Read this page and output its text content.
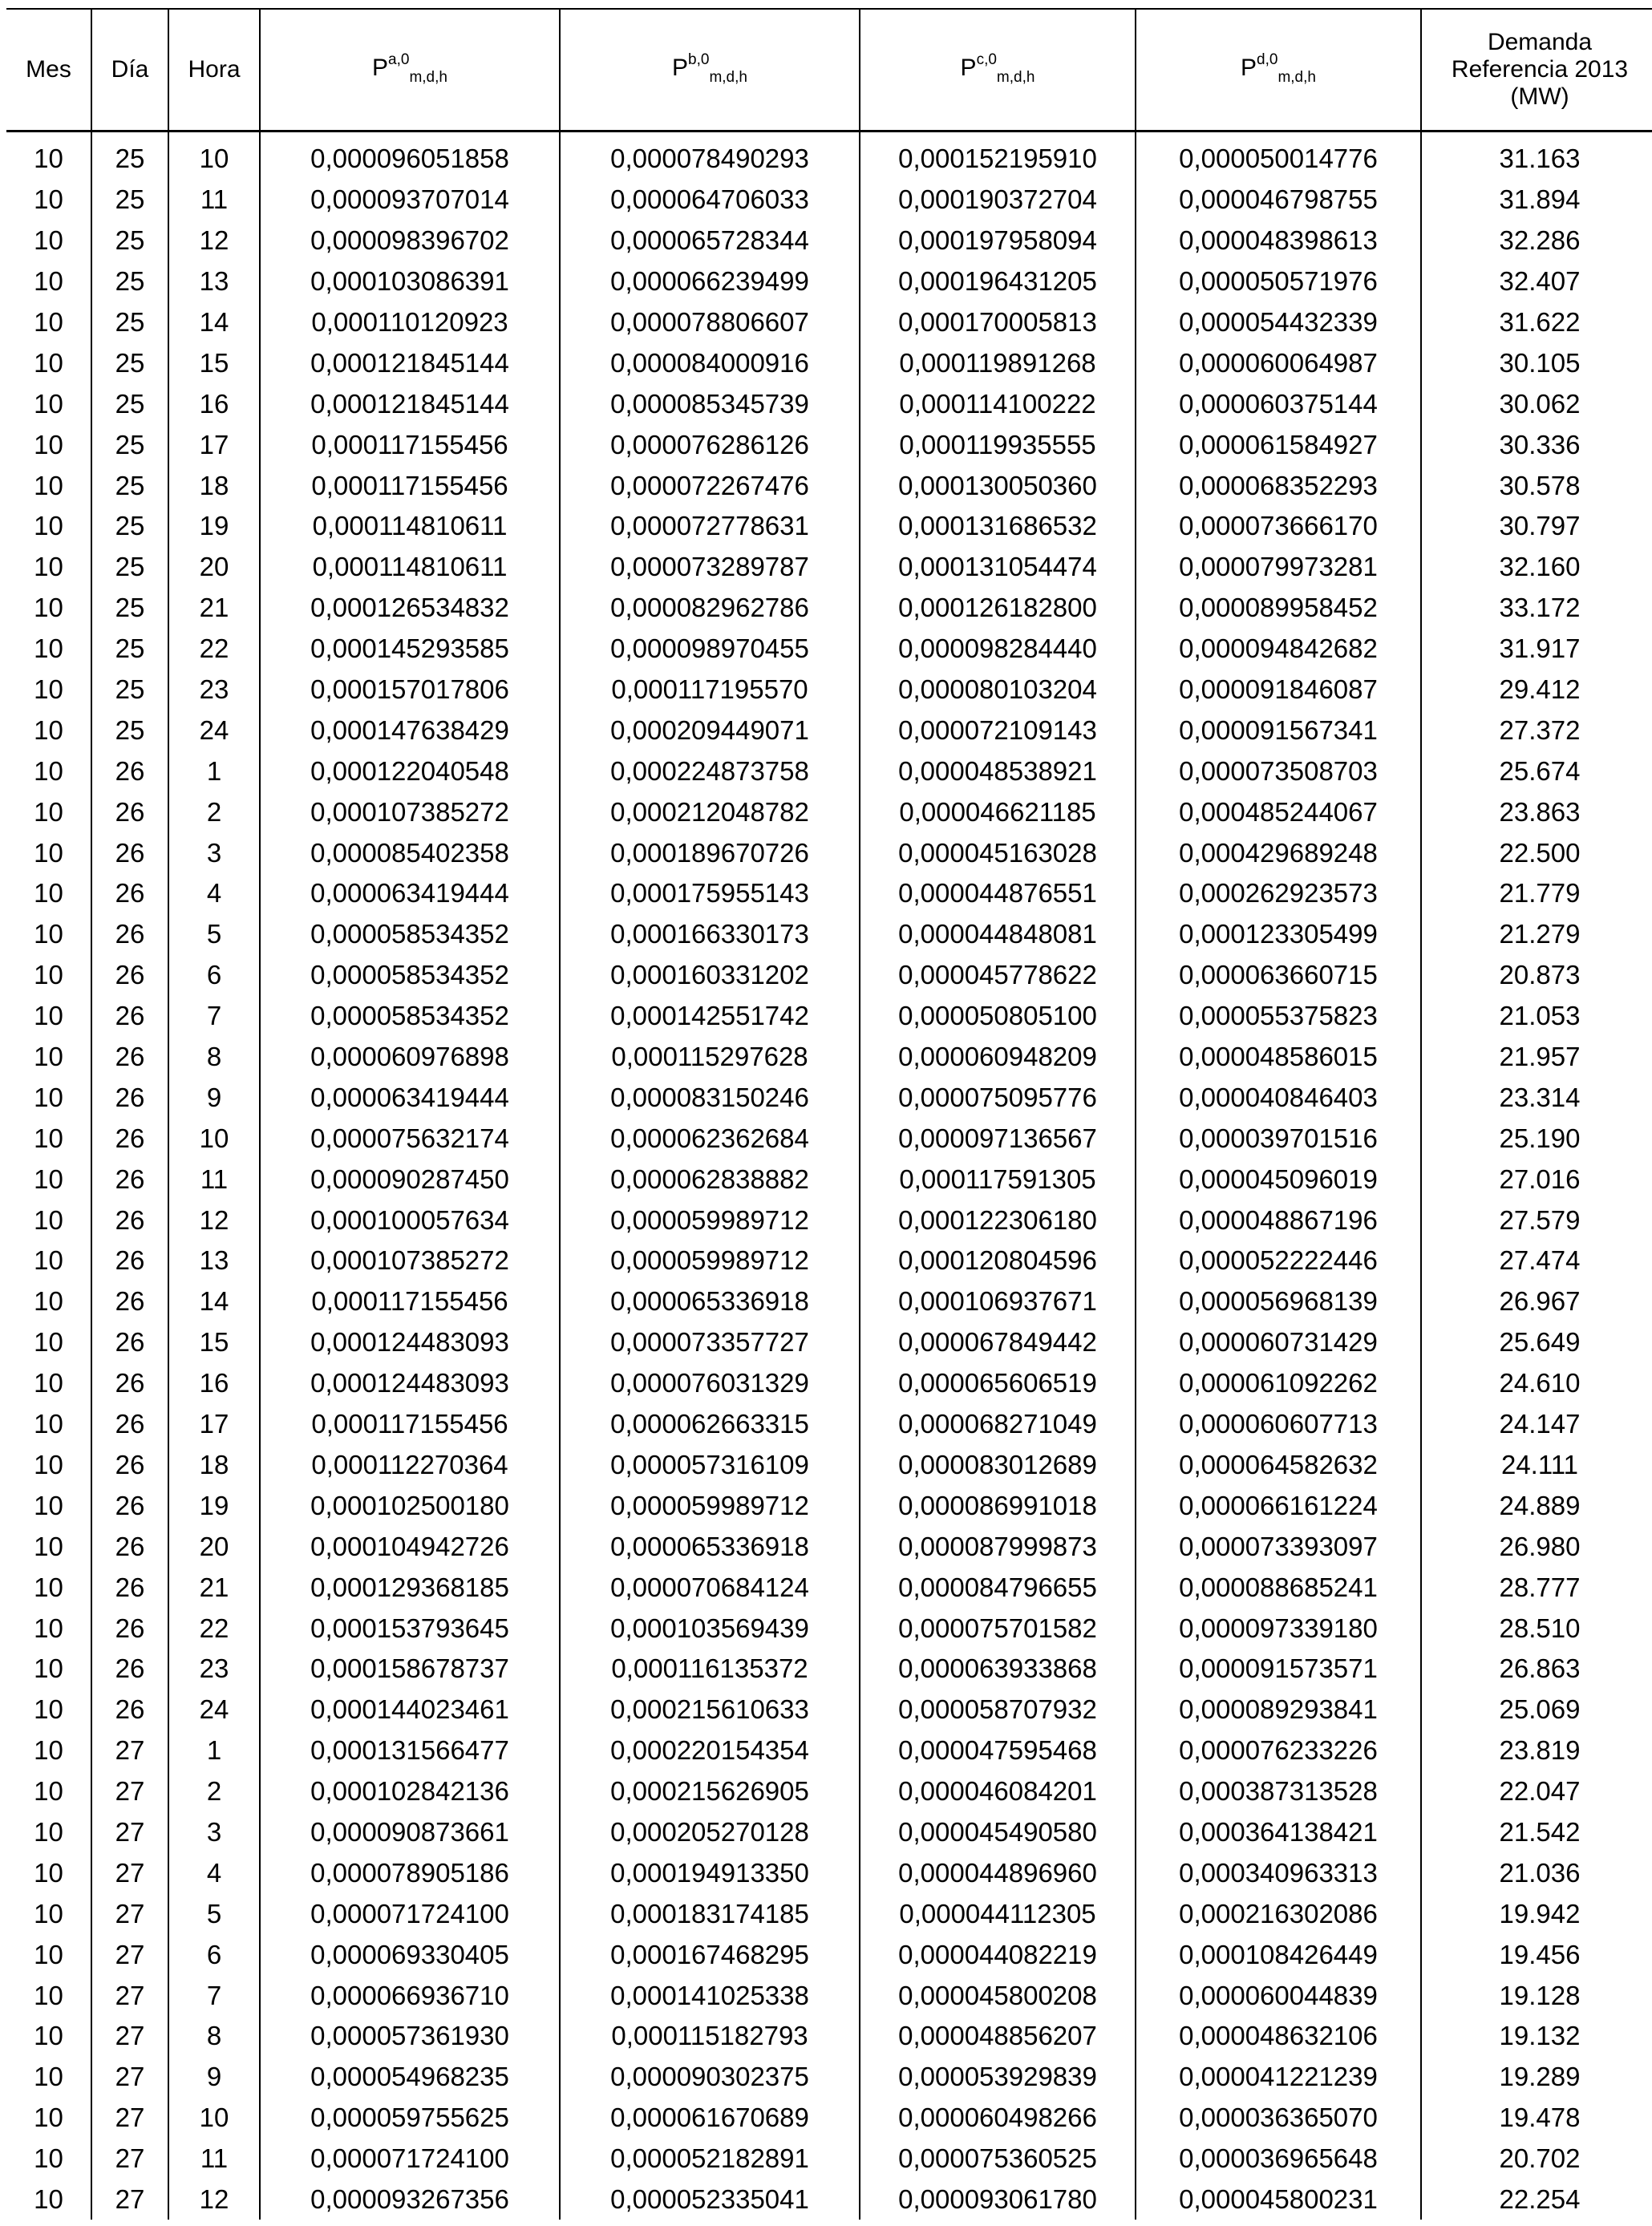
Mes	Día	Hora	P$^{a,0}_{m,d,h}$	P$^{b,0}_{m,d,h}$	P$^{c,0}_{m,d,h}$	P$^{d,0}_{m,d,h}$	Demanda
Referencia 2013
(MW)
10	25	10	0,000096051858	0,000078490293	0,000152195910	0,000050014776	31.163
10	25	11	0,000093707014	0,000064706033	0,000190372704	0,000046798755	31.894
10	25	12	0,000098396702	0,000065728344	0,000197958094	0,000048398613	32.286
10	25	13	0,000103086391	0,000066239499	0,000196431205	0,000050571976	32.407
10	25	14	0,000110120923	0,000078806607	0,000170005813	0,000054432339	31.622
10	25	15	0,000121845144	0,000084000916	0,000119891268	0,000060064987	30.105
10	25	16	0,000121845144	0,000085345739	0,000114100222	0,000060375144	30.062
10	25	17	0,000117155456	0,000076286126	0,000119935555	0,000061584927	30.336
10	25	18	0,000117155456	0,000072267476	0,000130050360	0,000068352293	30.578
10	25	19	0,000114810611	0,000072778631	0,000131686532	0,000073666170	30.797
10	25	20	0,000114810611	0,000073289787	0,000131054474	0,000079973281	32.160
10	25	21	0,000126534832	0,000082962786	0,000126182800	0,000089958452	33.172
10	25	22	0,000145293585	0,000098970455	0,000098284440	0,000094842682	31.917
10	25	23	0,000157017806	0,000117195570	0,000080103204	0,000091846087	29.412
10	25	24	0,000147638429	0,000209449071	0,000072109143	0,000091567341	27.372
10	26	1	0,000122040548	0,000224873758	0,000048538921	0,000073508703	25.674
10	26	2	0,000107385272	0,000212048782	0,000046621185	0,000485244067	23.863
10	26	3	0,000085402358	0,000189670726	0,000045163028	0,000429689248	22.500
10	26	4	0,000063419444	0,000175955143	0,000044876551	0,000262923573	21.779
10	26	5	0,000058534352	0,000166330173	0,000044848081	0,000123305499	21.279
10	26	6	0,000058534352	0,000160331202	0,000045778622	0,000063660715	20.873
10	26	7	0,000058534352	0,000142551742	0,000050805100	0,000055375823	21.053
10	26	8	0,000060976898	0,000115297628	0,000060948209	0,000048586015	21.957
10	26	9	0,000063419444	0,000083150246	0,000075095776	0,000040846403	23.314
10	26	10	0,000075632174	0,000062362684	0,000097136567	0,000039701516	25.190
10	26	11	0,000090287450	0,000062838882	0,000117591305	0,000045096019	27.016
10	26	12	0,000100057634	0,000059989712	0,000122306180	0,000048867196	27.579
10	26	13	0,000107385272	0,000059989712	0,000120804596	0,000052222446	27.474
10	26	14	0,000117155456	0,000065336918	0,000106937671	0,000056968139	26.967
10	26	15	0,000124483093	0,000073357727	0,000067849442	0,000060731429	25.649
10	26	16	0,000124483093	0,000076031329	0,000065606519	0,000061092262	24.610
10	26	17	0,000117155456	0,000062663315	0,000068271049	0,000060607713	24.147
10	26	18	0,000112270364	0,000057316109	0,000083012689	0,000064582632	24.111
10	26	19	0,000102500180	0,000059989712	0,000086991018	0,000066161224	24.889
10	26	20	0,000104942726	0,000065336918	0,000087999873	0,000073393097	26.980
10	26	21	0,000129368185	0,000070684124	0,000084796655	0,000088685241	28.777
10	26	22	0,000153793645	0,000103569439	0,000075701582	0,000097339180	28.510
10	26	23	0,000158678737	0,000116135372	0,000063933868	0,000091573571	26.863
10	26	24	0,000144023461	0,000215610633	0,000058707932	0,000089293841	25.069
10	27	1	0,000131566477	0,000220154354	0,000047595468	0,000076233226	23.819
10	27	2	0,000102842136	0,000215626905	0,000046084201	0,000387313528	22.047
10	27	3	0,000090873661	0,000205270128	0,000045490580	0,000364138421	21.542
10	27	4	0,000078905186	0,000194913350	0,000044896960	0,000340963313	21.036
10	27	5	0,000071724100	0,000183174185	0,000044112305	0,000216302086	19.942
10	27	6	0,000069330405	0,000167468295	0,000044082219	0,000108426449	19.456
10	27	7	0,000066936710	0,000141025338	0,000045800208	0,000060044839	19.128
10	27	8	0,000057361930	0,000115182793	0,000048856207	0,000048632106	19.132
10	27	9	0,000054968235	0,000090302375	0,000053929839	0,000041221239	19.289
10	27	10	0,000059755625	0,000061670689	0,000060498266	0,000036365070	19.478
10	27	11	0,000071724100	0,000052182891	0,000075360525	0,000036965648	20.702
10	27	12	0,000093267356	0,000052335041	0,000093061780	0,000045800231	22.254
